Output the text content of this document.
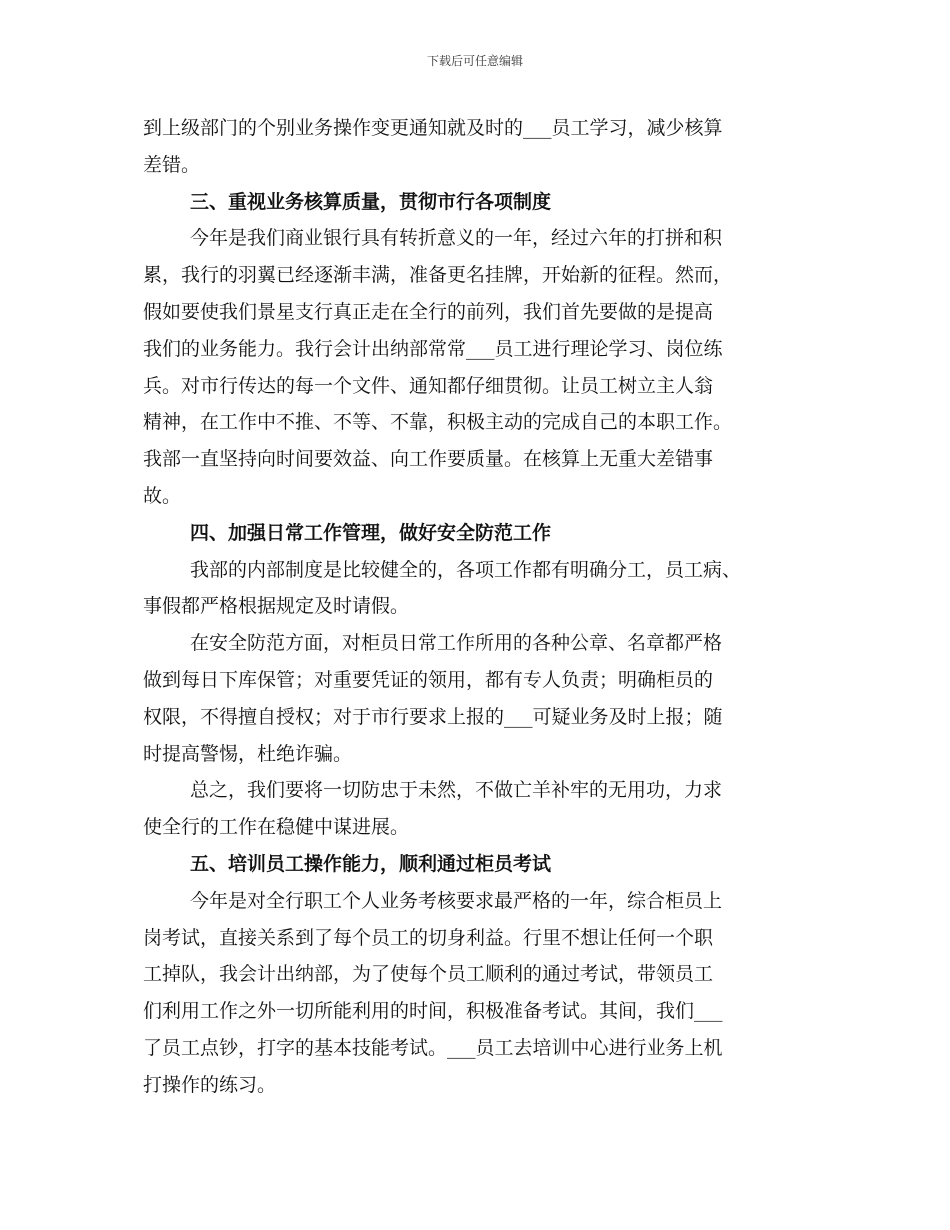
下载后可任意编辑
到上级部门的个别业务操作变更通知就及时的___员工学习，减少核算
差错。
三、重视业务核算质量，贯彻市行各项制度
今年是我们商业银行具有转折意义的一年，经过六年的打拼和积
累，我行的羽翼已经逐渐丰满，准备更名挂牌，开始新的征程。然而，
假如要使我们景星支行真正走在全行的前列，我们首先要做的是提高
我们的业务能力。我行会计出纳部常常___员工进行理论学习、岗位练
兵。对市行传达的每一个文件、通知都仔细贯彻。让员工树立主人翁
精神，在工作中不推、不等、不靠，积极主动的完成自己的本职工作。
我部一直坚持向时间要效益、向工作要质量。在核算上无重大差错事
故。
四、加强日常工作管理，做好安全防范工作
我部的内部制度是比较健全的，各项工作都有明确分工，员工病、
事假都严格根据规定及时请假。
在安全防范方面，对柜员日常工作所用的各种公章、名章都严格
做到每日下库保管；对重要凭证的领用，都有专人负责；明确柜员的
权限，不得擅自授权；对于市行要求上报的___可疑业务及时上报；随
时提高警惕，杜绝诈骗。
总之，我们要将一切防忠于未然，不做亡羊补牢的无用功，力求
使全行的工作在稳健中谋进展。
五、培训员工操作能力，顺利通过柜员考试
今年是对全行职工个人业务考核要求最严格的一年，综合柜员上
岗考试，直接关系到了每个员工的切身利益。行里不想让任何一个职
工掉队，我会计出纳部，为了使每个员工顺利的通过考试，带领员工
们利用工作之外一切所能利用的时间，积极准备考试。其间，我们___
了员工点钞，打字的基本技能考试。___员工去培训中心进行业务上机
打操作的练习。
